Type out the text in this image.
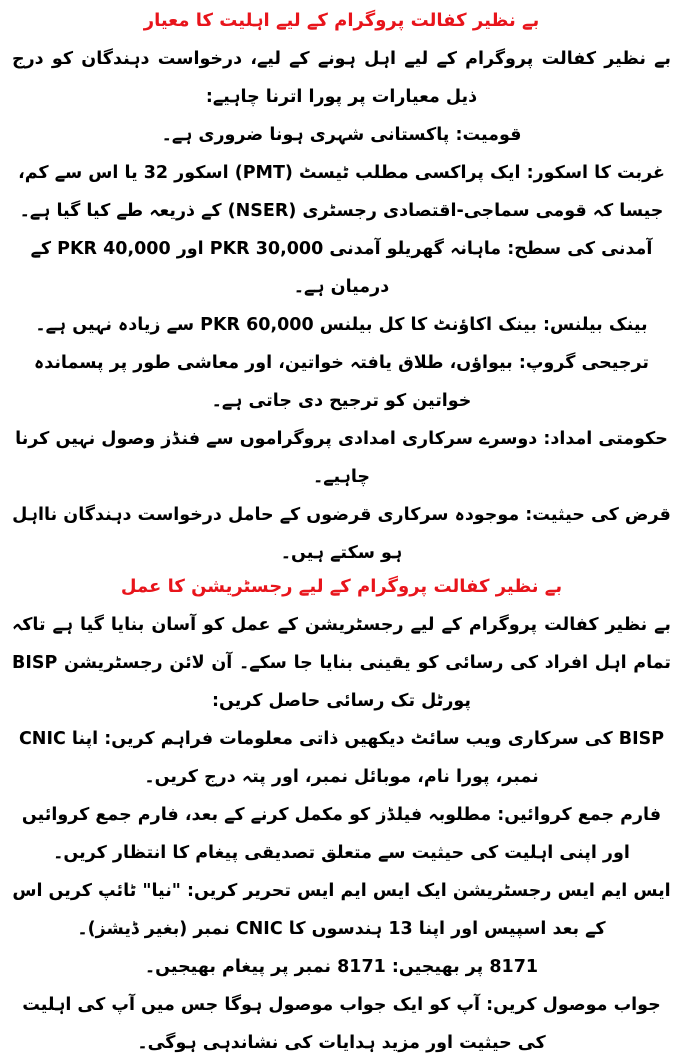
بے نظیر کفالت پروگرام کے لیے اہلیت کا معیار

بے نظیر کفالت پروگرام کے لیے اہل ہونے کے لیے، درخواست دہندگان کو درج ذیل معیارات پر پورا اترنا چاہیے:

قومیت: پاکستانی شہری ہونا ضروری ہے۔

غربت کا اسکور: ایک پراکسی مطلب ٹیسٹ (PMT) اسکور 32 یا اس سے کم، جیسا کہ قومی سماجی-اقتصادی رجسٹری (NSER) کے ذریعہ طے کیا گیا ہے۔

آمدنی کی سطح: ماہانہ گھریلو آمدنی PKR 30,000 اور PKR 40,000 کے درمیان ہے۔

بینک بیلنس: بینک اکاؤنٹ کا کل بیلنس PKR 60,000 سے زیادہ نہیں ہے۔

ترجیحی گروپ: بیواؤں، طلاق یافتہ خواتین، اور معاشی طور پر پسماندہ خواتین کو ترجیح دی جاتی ہے۔

حکومتی امداد: دوسرے سرکاری امدادی پروگراموں سے فنڈز وصول نہیں کرنا چاہیے۔

قرض کی حیثیت: موجودہ سرکاری قرضوں کے حامل درخواست دہندگان نااہل ہو سکتے ہیں۔

بے نظیر کفالت پروگرام کے لیے رجسٹریشن کا عمل

بے نظیر کفالت پروگرام کے لیے رجسٹریشن کے عمل کو آسان بنایا گیا ہے تاکہ تمام اہل افراد کی رسائی کو یقینی بنایا جا سکے۔ آن لائن رجسٹریشن BISP پورٹل تک رسائی حاصل کریں:

BISP کی سرکاری ویب سائٹ دیکھیں ذاتی معلومات فراہم کریں: اپنا CNIC نمبر، پورا نام، موبائل نمبر، اور پتہ درج کریں۔

فارم جمع کروائیں: مطلوبہ فیلڈز کو مکمل کرنے کے بعد، فارم جمع کروائیں اور اپنی اہلیت کی حیثیت سے متعلق تصدیقی پیغام کا انتظار کریں۔

ایس ایم ایس رجسٹریشن ایک ایس ایم ایس تحریر کریں: "نیا" ٹائپ کریں اس کے بعد اسپیس اور اپنا 13 ہندسوں کا CNIC نمبر (بغیر ڈیشز)۔

8171 پر بھیجیں: 8171 نمبر پر پیغام بھیجیں۔

جواب موصول کریں: آپ کو ایک جواب موصول ہوگا جس میں آپ کی اہلیت کی حیثیت اور مزید ہدایات کی نشاندہی ہوگی۔
